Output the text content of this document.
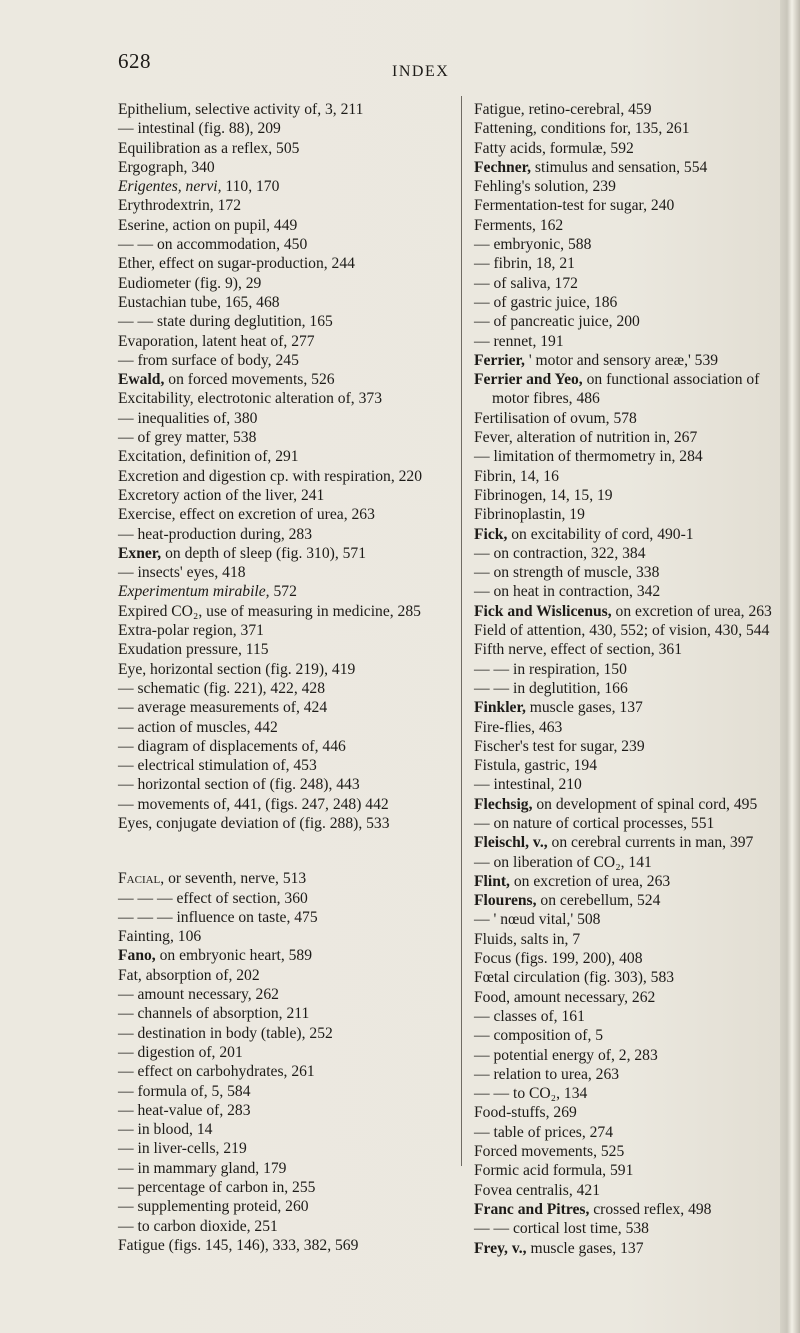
628	INDEX

Epithelium, selective activity of, 3, 211

— intestinal (fig. 88), 209

Equilibration as a reflex, 505

Ergograph, 340

Erigentes, nervi, 110, 170

Erythrodextrin, 172

Eserine, action on pupil, 449

— — on accommodation, 450

Ether, effect on sugar-production, 244

Eudiometer (fig. 9), 29

Eustachian tube, 165, 468

— — state during deglutition, 165

Evaporation, latent heat of, 277

— from surface of body, 245

Ewald, on forced movements, 526

Excitability, electrotonic alteration of, 373

— inequalities of, 380

— of grey matter, 538

Excitation, definition of, 291

Excretion and digestion cp. with respiration, 220

Excretory action of the liver, 241

Exercise, effect on excretion of urea, 263

— heat-production during, 283

Exner, on depth of sleep (fig. 310), 571

— insects' eyes, 418

Experimentum mirabile, 572

Expired CO₂, use of measuring in medicine, 285

Extra-polar region, 371

Exudation pressure, 115

Eye, horizontal section (fig. 219), 419

— schematic (fig. 221), 422, 428

— average measurements of, 424

— action of muscles, 442

— diagram of displacements of, 446

— electrical stimulation of, 453

— horizontal section of (fig. 248), 443

— movements of, 441, (figs. 247, 248) 442

Eyes, conjugate deviation of (fig. 288), 533

Facial, or seventh, nerve, 513

— — — effect of section, 360

— — — influence on taste, 475

Fainting, 106

Fano, on embryonic heart, 589

Fat, absorption of, 202

— amount necessary, 262

— channels of absorption, 211

— destination in body (table), 252

— digestion of, 201

— effect on carbohydrates, 261

— formula of, 5, 584

— heat-value of, 283

— in blood, 14

— in liver-cells, 219

— in mammary gland, 179

— percentage of carbon in, 255

— supplementing proteid, 260

— to carbon dioxide, 251

Fatigue (figs. 145, 146), 333, 382, 569

Fatigue, retino-cerebral, 459

Fattening, conditions for, 135, 261

Fatty acids, formulæ, 592

Fechner, stimulus and sensation, 554

Fehling's solution, 239

Fermentation-test for sugar, 240

Ferments, 162

— embryonic, 588

— fibrin, 18, 21

— of saliva, 172

— of gastric juice, 186

— of pancreatic juice, 200

— rennet, 191

Ferrier, ' motor and sensory areæ,' 539

Ferrier and Yeo, on functional association of motor fibres, 486

Fertilisation of ovum, 578

Fever, alteration of nutrition in, 267

— limitation of thermometry in, 284

Fibrin, 14, 16

Fibrinogen, 14, 15, 19

Fibrinoplastin, 19

Fick, on excitability of cord, 490-1

— on contraction, 322, 384

— on strength of muscle, 338

— on heat in contraction, 342

Fick and Wislicenus, on excretion of urea, 263

Field of attention, 430, 552; of vision, 430, 544

Fifth nerve, effect of section, 361

— — in respiration, 150

— — in deglutition, 166

Finkler, muscle gases, 137

Fire-flies, 463

Fischer's test for sugar, 239

Fistula, gastric, 194

— intestinal, 210

Flechsig, on development of spinal cord, 495

— on nature of cortical processes, 551

Fleischl, v., on cerebral currents in man, 397

— on liberation of CO₂, 141

Flint, on excretion of urea, 263

Flourens, on cerebellum, 524

— ' nœud vital,' 508

Fluids, salts in, 7

Focus (figs. 199, 200), 408

Fœtal circulation (fig. 303), 583

Food, amount necessary, 262

— classes of, 161

— composition of, 5

— potential energy of, 2, 283

— relation to urea, 263

— — to CO₂, 134

Food-stuffs, 269

— table of prices, 274

Forced movements, 525

Formic acid formula, 591

Fovea centralis, 421

Franc and Pitres, crossed reflex, 498

— — cortical lost time, 538

Frey, v., muscle gases, 137
